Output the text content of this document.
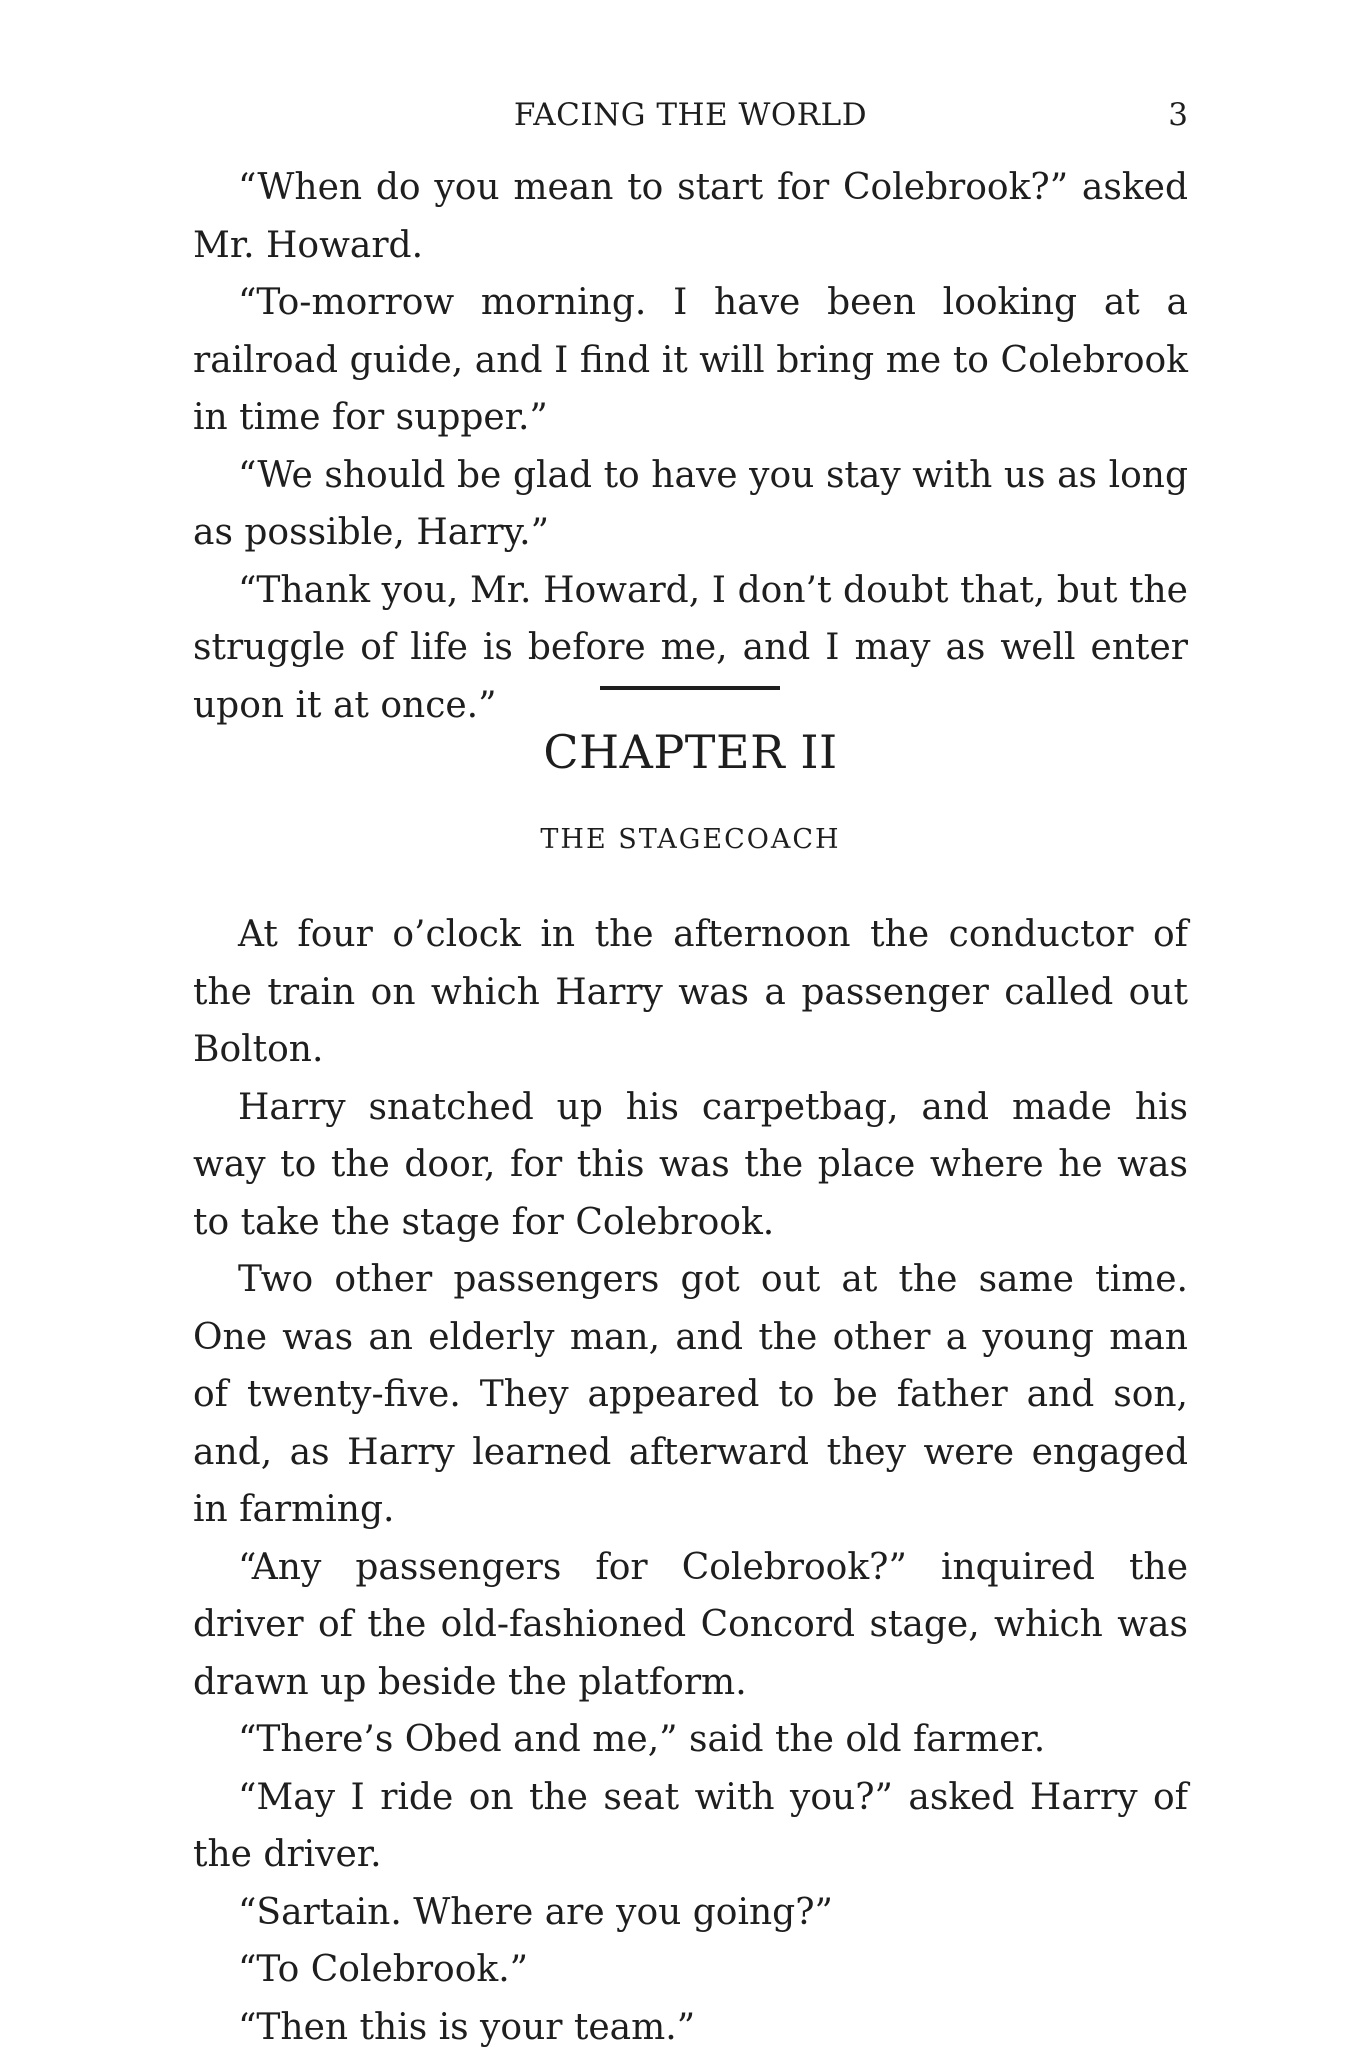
FACING THE WORLD	3

“When do you mean to start for Colebrook?” asked Mr. Howard.

“To-morrow morning. I have been looking at a railroad guide, and I find it will bring me to Colebrook in time for supper.”

“We should be glad to have you stay with us as long as possible, Harry.”

“Thank you, Mr. Howard, I don’t doubt that, but the struggle of life is before me, and I may as well enter upon it at once.”

CHAPTER II
THE STAGECOACH

At four o’clock in the afternoon the conductor of the train on which Harry was a passenger called out Bolton.

Harry snatched up his carpetbag, and made his way to the door, for this was the place where he was to take the stage for Colebrook.

Two other passengers got out at the same time. One was an elderly man, and the other a young man of twenty-five. They appeared to be father and son, and, as Harry learned afterward they were engaged in farming.

“Any passengers for Colebrook?” inquired the driver of the old-fashioned Concord stage, which was drawn up beside the platform.

“There’s Obed and me,” said the old farmer.

“May I ride on the seat with you?” asked Harry of the driver.

“Sartain. Where are you going?”

“To Colebrook.”

“Then this is your team.”
